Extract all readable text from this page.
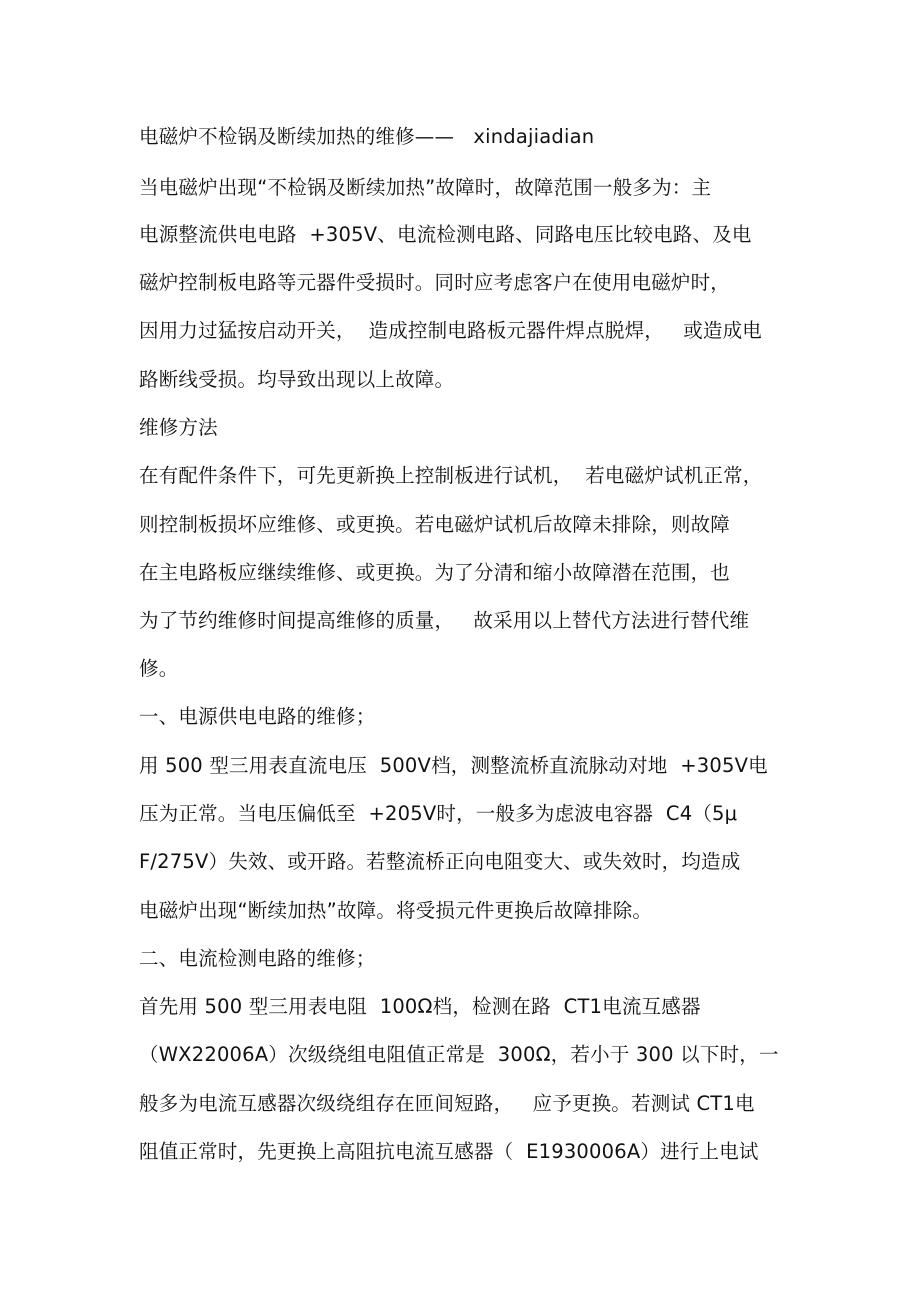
电磁炉不检锅及断续加热的维修——   xindajiadian
当电磁炉出现“不检锅及断续加热”故障时，故障范围一般多为：主
电源整流供电电路  +305V、电流检测电路、同路电压比较电路、及电
磁炉控制板电路等元器件受损时。同时应考虑客户在使用电磁炉时，
因用力过猛按启动开关，  造成控制电路板元器件焊点脱焊，   或造成电
路断线受损。均导致出现以上故障。
维修方法
在有配件条件下，可先更新换上控制板进行试机，  若电磁炉试机正常，
则控制板损坏应维修、或更换。若电磁炉试机后故障未排除，则故障
在主电路板应继续维修、或更换。为了分清和缩小故障潜在范围，也
为了节约维修时间提高维修的质量，   故采用以上替代方法进行替代维
修。
一、电源供电电路的维修；
用 500 型三用表直流电压  500V档，测整流桥直流脉动对地  +305V电
压为正常。当电压偏低至  +205V时，一般多为虑波电容器  C4（5μ
F/275V）失效、或开路。若整流桥正向电阻变大、或失效时，均造成
电磁炉出现“断续加热”故障。将受损元件更换后故障排除。
二、电流检测电路的维修；
首先用 500 型三用表电阻  100Ω档，检测在路  CT1电流互感器
（WX22006A）次级绕组电阻值正常是  300Ω，若小于 300 以下时，一
般多为电流互感器次级绕组存在匝间短路，   应予更换。若测试 CT1电
阻值正常时，先更换上高阻抗电流互感器（  E1930006A）进行上电试
